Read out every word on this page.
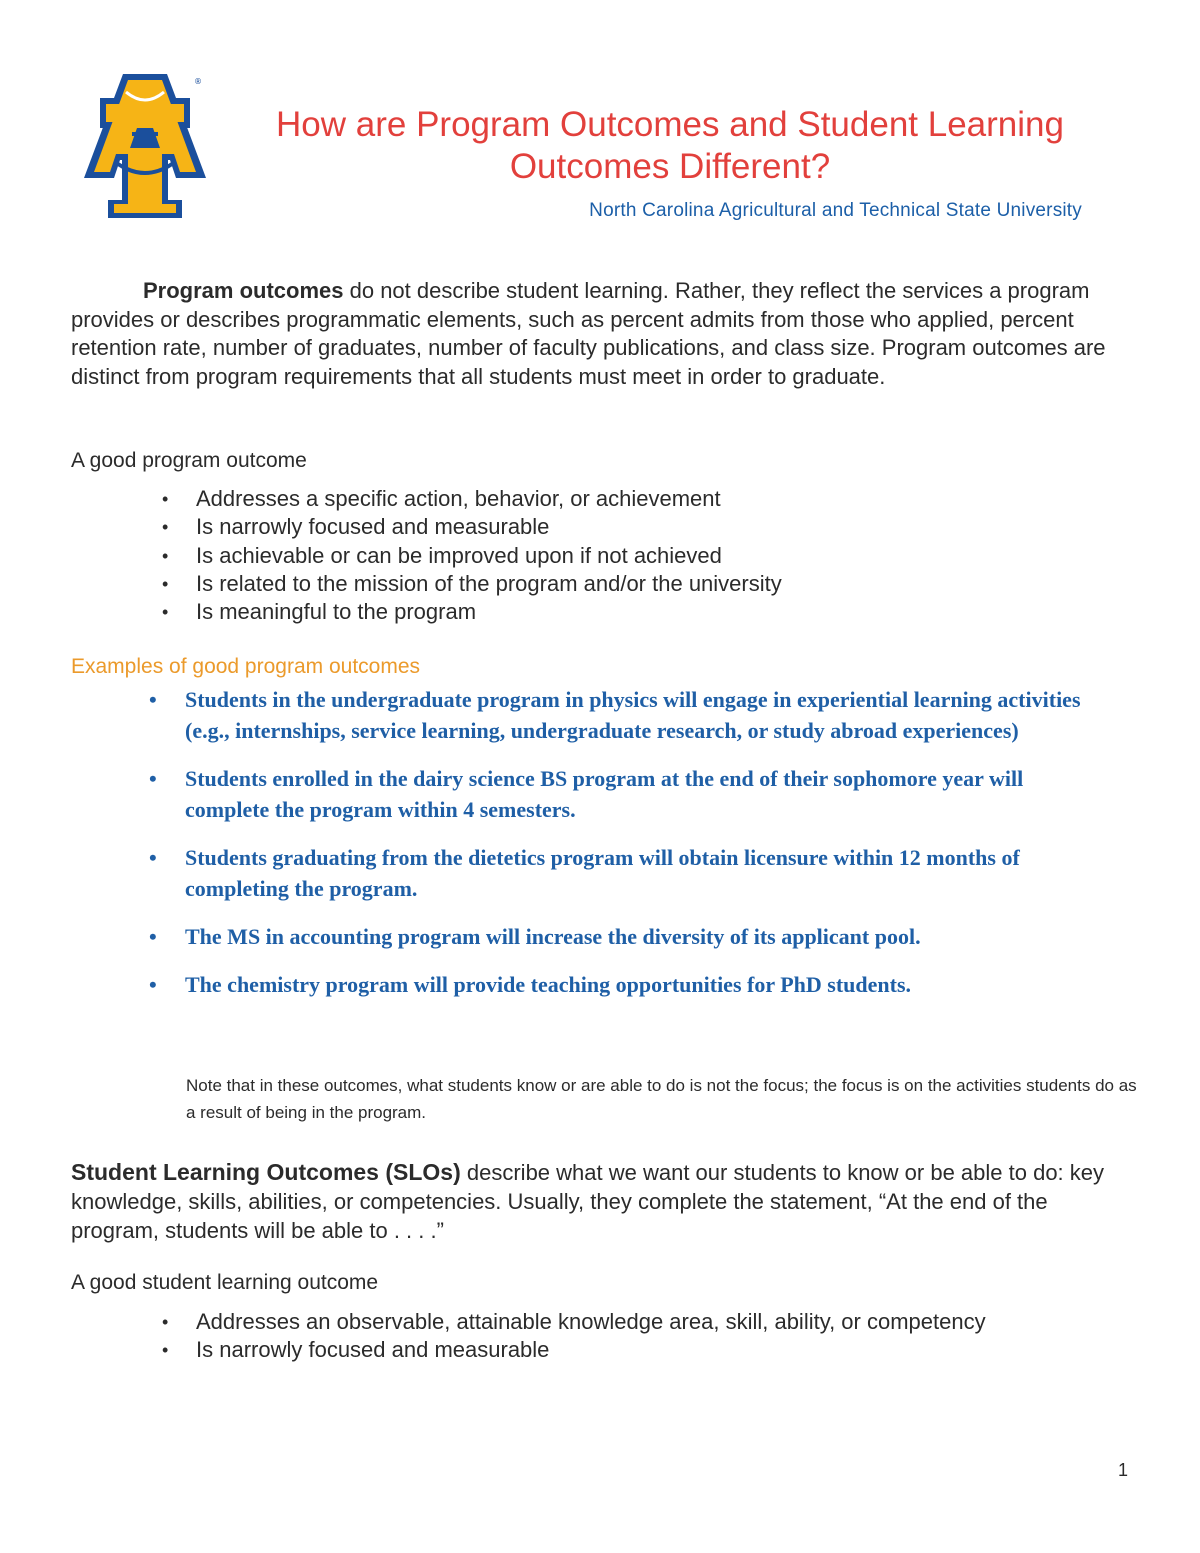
®
How are Program Outcomes and Student Learning Outcomes Different?

North Carolina Agricultural and Technical State University

Program outcomes do not describe student learning. Rather, they reflect the services a program provides or describes programmatic elements, such as percent admits from those who applied, percent retention rate, number of graduates, number of faculty publications, and class size. Program outcomes are distinct from program requirements that all students must meet in order to graduate.

A good program outcome
• Addresses a specific action, behavior, or achievement
• Is narrowly focused and measurable
• Is achievable or can be improved upon if not achieved
• Is related to the mission of the program and/or the university
• Is meaningful to the program
Examples of good program outcomes
• Students in the undergraduate program in physics will engage in experiential learning activities (e.g., internships, service learning, undergraduate research, or study abroad experiences)
• Students enrolled in the dairy science BS program at the end of their sophomore year will complete the program within 4 semesters.
• Students graduating from the dietetics program will obtain licensure within 12 months of completing the program.
• The MS in accounting program will increase the diversity of its applicant pool.
• The chemistry program will provide teaching opportunities for PhD students.

Note that in these outcomes, what students know or are able to do is not the focus; the focus is on the activities students do as a result of being in the program.

Student Learning Outcomes (SLOs) describe what we want our students to know or be able to do: key knowledge, skills, abilities, or competencies. Usually, they complete the statement, “At the end of the program, students will be able to . . . .”

A good student learning outcome
• Addresses an observable, attainable knowledge area, skill, ability, or competency
• Is narrowly focused and measurable

1
